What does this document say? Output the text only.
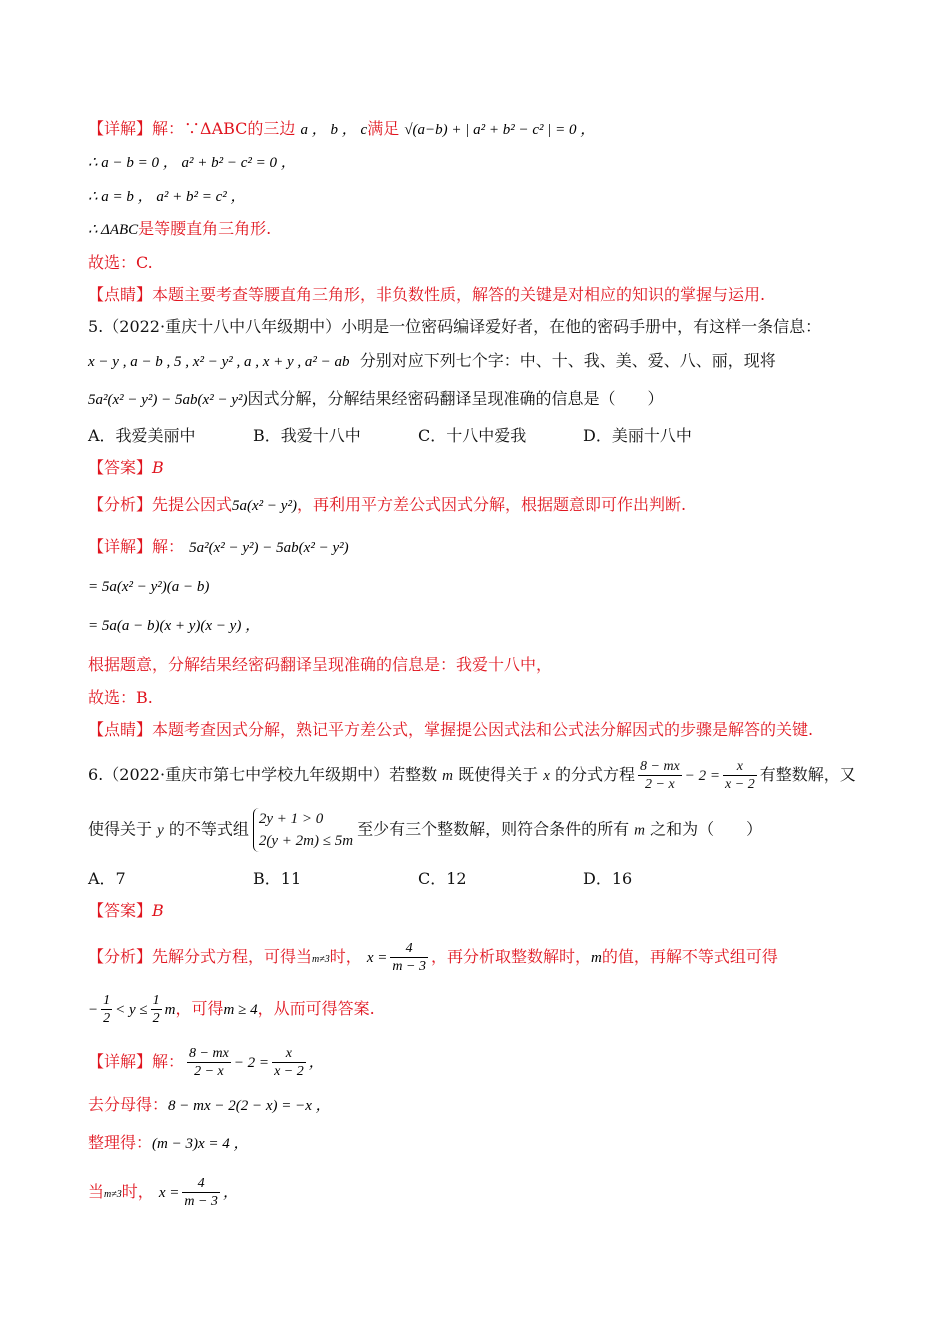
【详解】解：∵ΔABC的三边 a ， b ， c满足 √(a−b) + | a² + b² − c² | = 0 ，
∴ a − b = 0 ， a² + b² − c² = 0 ，
∴ a = b ， a² + b² = c² ，
∴ ΔABC是等腰直角三角形.
故选：C.
【点睛】本题主要考查等腰直角三角形，非负数性质，解答的关键是对相应的知识的掌握与运用.
5.（2022·重庆十八中八年级期中）小明是一位密码编译爱好者，在他的密码手册中，有这样一条信息：
x − y , a − b , 5 , x² − y² , a , x + y , a² − ab 分别对应下列七个字：中、十、我、美、爱、八、丽，现将
5a²(x² − y²) − 5ab(x² − y²)因式分解，分解结果经密码翻译呈现准确的信息是（　　）
A．我爱美丽中	B．我爱十八中	C．十八中爱我	D．美丽十八中
【答案】B
【分析】先提公因式5a(x² − y²)，再利用平方差公式因式分解，根据题意即可作出判断.
【详解】解： 5a²(x² − y²) − 5ab(x² − y²)
= 5a(x² − y²)(a − b)
= 5a(a − b)(x + y)(x − y) ，
根据题意，分解结果经密码翻译呈现准确的信息是：我爱十八中，
故选：B.
【点睛】本题考查因式分解，熟记平方差公式，掌握提公因式法和公式法分解因式的步骤是解答的关键.
6.（2022·重庆市第七中学校九年级期中）若整数 m 既使得关于 x 的分式方程 $\frac{8 - mx}{2 - x} - 2 = \frac{x}{x - 2}$ 有整数解，又
使得关于 y 的不等式组
2y + 1 > 0
2(y + 2m) ≤ 5m
至少有三个整数解，则符合条件的所有 m 之和为（　　）
A．7	B．11	C．12	D．16
【答案】B
【分析】先解分式方程，可得当m≠3时， $x = \frac{4}{m - 3}$ ，再分析取整数解时，m的值，再解不等式组可得
− $\frac{1}{2} < y \le \frac{1}{2}$ m，可得m ≥ 4，从而可得答案.
【详解】解： $\frac{8 - mx}{2 - x} - 2 = \frac{x}{x - 2}$ ，
去分母得：8 − mx − 2(2 − x) = −x ，
整理得：(m − 3)x = 4 ，
当m≠3时， $x = \frac{4}{m - 3}$ ，
